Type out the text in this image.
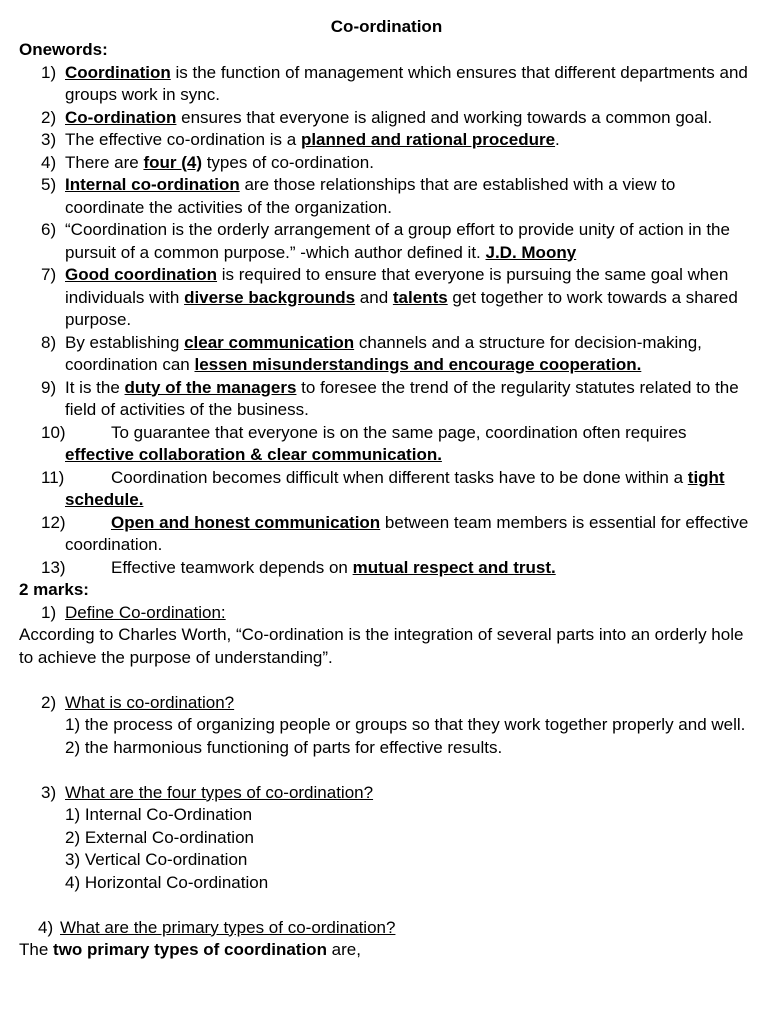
Co-ordination

Onewords:

1) Coordination is the function of management which ensures that different departments and groups work in sync.
2) Co-ordination ensures that everyone is aligned and working towards a common goal.
3) The effective co-ordination is a planned and rational procedure.
4) There are four (4) types of co-ordination.
5) Internal co-ordination are those relationships that are established with a view to coordinate the activities of the organization.
6) “Coordination is the orderly arrangement of a group effort to provide unity of action in the pursuit of a common purpose.” -which author defined it. J.D. Moony
7) Good coordination is required to ensure that everyone is pursuing the same goal when individuals with diverse backgrounds and talents get together to work towards a shared purpose.
8) By establishing clear communication channels and a structure for decision-making, coordination can lessen misunderstandings and encourage cooperation.
9) It is the duty of the managers to foresee the trend of the regularity statutes related to the field of activities of the business.
10)	To guarantee that everyone is on the same page, coordination often requires effective collaboration & clear communication.
11)	Coordination becomes difficult when different tasks have to be done within a tight schedule.
12)	Open and honest communication between team members is essential for effective coordination.
13)	Effective teamwork depends on mutual respect and trust.

2 marks:

1) Define Co-ordination:

According to Charles Worth, “Co-ordination is the integration of several parts into an orderly hole to achieve the purpose of understanding”.

2) What is co-ordination?
1) the process of organizing people or groups so that they work together properly and well.
2) the harmonious functioning of parts for effective results.
3) What are the four types of co-ordination?
1) Internal Co-Ordination
2) External Co-ordination
3) Vertical Co-ordination
4) Horizontal Co-ordination
4) What are the primary types of co-ordination?

The two primary types of coordination are,
